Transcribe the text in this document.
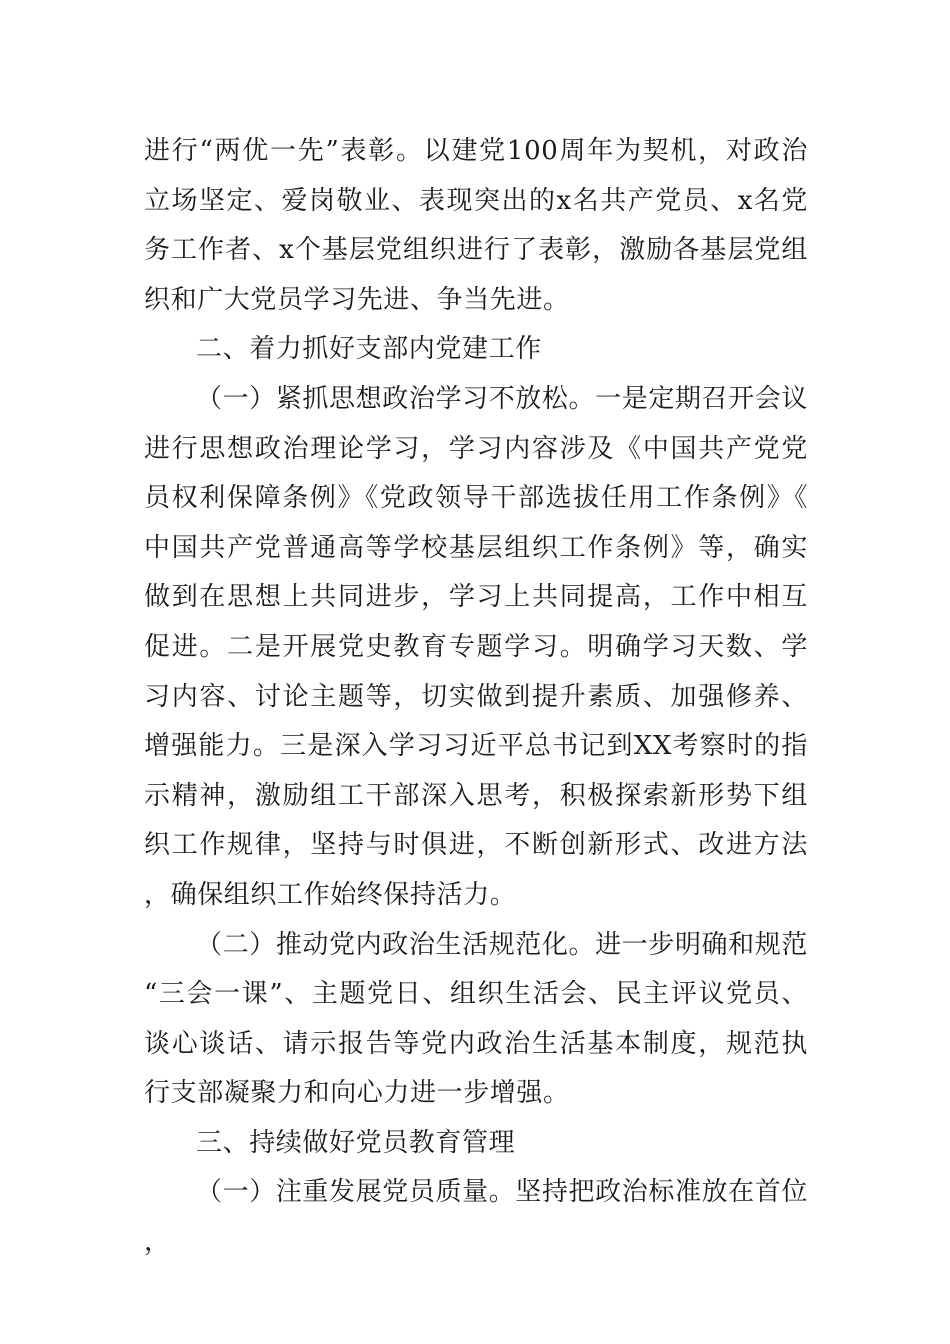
进行“两优一先”表彰。以建党100周年为契机，对政治立场坚定、爱岗敬业、表现突出的x名共产党员、x名党务工作者、x个基层党组织进行了表彰，激励各基层党组织和广大党员学习先进、争当先进。

二、着力抓好支部内党建工作

（一）紧抓思想政治学习不放松。一是定期召开会议进行思想政治理论学习，学习内容涉及《中国共产党党员权利保障条例》《党政领导干部选拔任用工作条例》《中国共产党普通高等学校基层组织工作条例》等，确实做到在思想上共同进步，学习上共同提高，工作中相互促进。二是开展党史教育专题学习。明确学习天数、学习内容、讨论主题等，切实做到提升素质、加强修养、增强能力。三是深入学习习近平总书记到XX考察时的指示精神，激励组工干部深入思考，积极探索新形势下组织工作规律，坚持与时俱进，不断创新形式、改进方法，确保组织工作始终保持活力。

（二）推动党内政治生活规范化。进一步明确和规范“三会一课”、主题党日、组织生活会、民主评议党员、谈心谈话、请示报告等党内政治生活基本制度，规范执行支部凝聚力和向心力进一步增强。

三、持续做好党员教育管理

（一）注重发展党员质量。坚持把政治标准放在首位，
